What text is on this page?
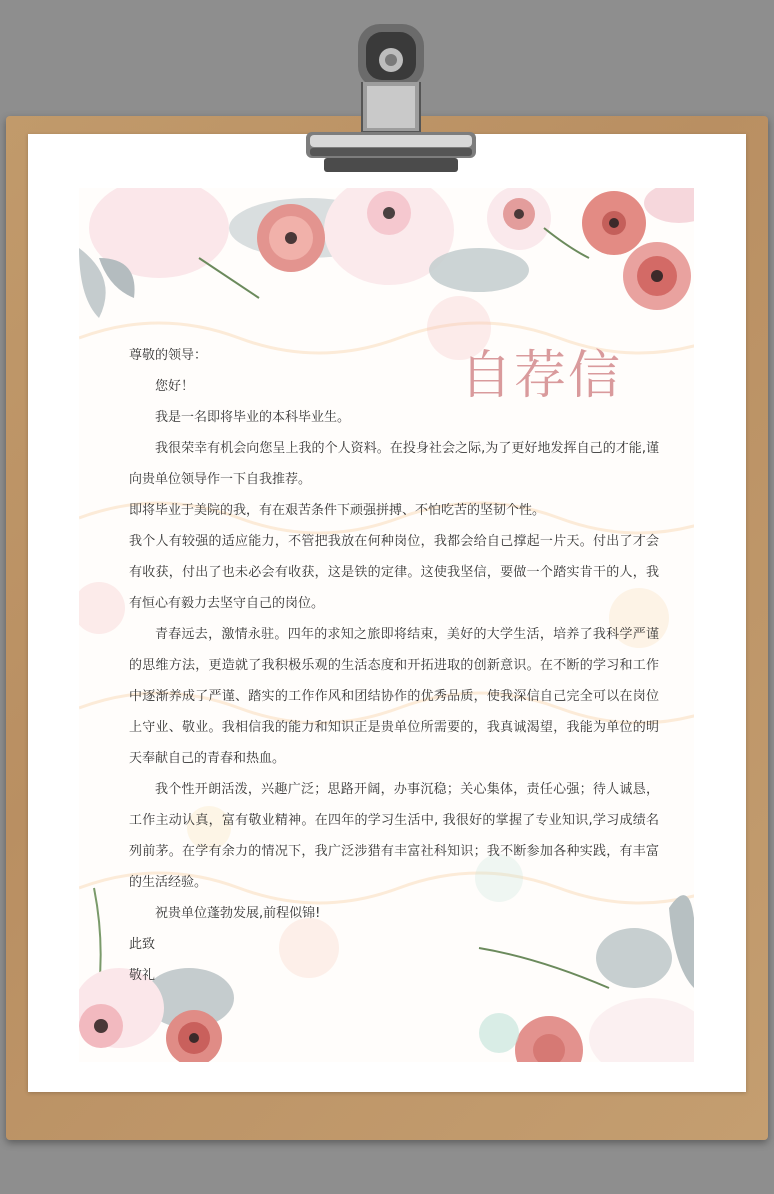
自荐信

尊敬的领导：

您好！

我是一名即将毕业的本科毕业生。

我很荣幸有机会向您呈上我的个人资料。在投身社会之际,为了更好地发挥自己的才能,谨向贵单位领导作一下自我推荐。

即将毕业于美院的我，有在艰苦条件下顽强拼搏、不怕吃苦的坚韧个性。

我个人有较强的适应能力，不管把我放在何种岗位，我都会给自己撑起一片天。付出了才会有收获，付出了也未必会有收获，这是铁的定律。这使我坚信，要做一个踏实肯干的人，我有恒心有毅力去坚守自己的岗位。

青春远去，激情永驻。四年的求知之旅即将结束，美好的大学生活，培养了我科学严谨的思维方法，更造就了我积极乐观的生活态度和开拓进取的创新意识。在不断的学习和工作中逐渐养成了严谨、踏实的工作作风和团结协作的优秀品质，使我深信自己完全可以在岗位上守业、敬业。我相信我的能力和知识正是贵单位所需要的，我真诚渴望，我能为单位的明天奉献自己的青春和热血。

我个性开朗活泼，兴趣广泛；思路开阔，办事沉稳；关心集体，责任心强；待人诚恳，工作主动认真，富有敬业精神。在四年的学习生活中, 我很好的掌握了专业知识,学习成绩名列前茅。在学有余力的情况下，我广泛涉猎有丰富社科知识；我不断参加各种实践，有丰富的生活经验。

祝贵单位蓬勃发展,前程似锦!

此致

敬礼
